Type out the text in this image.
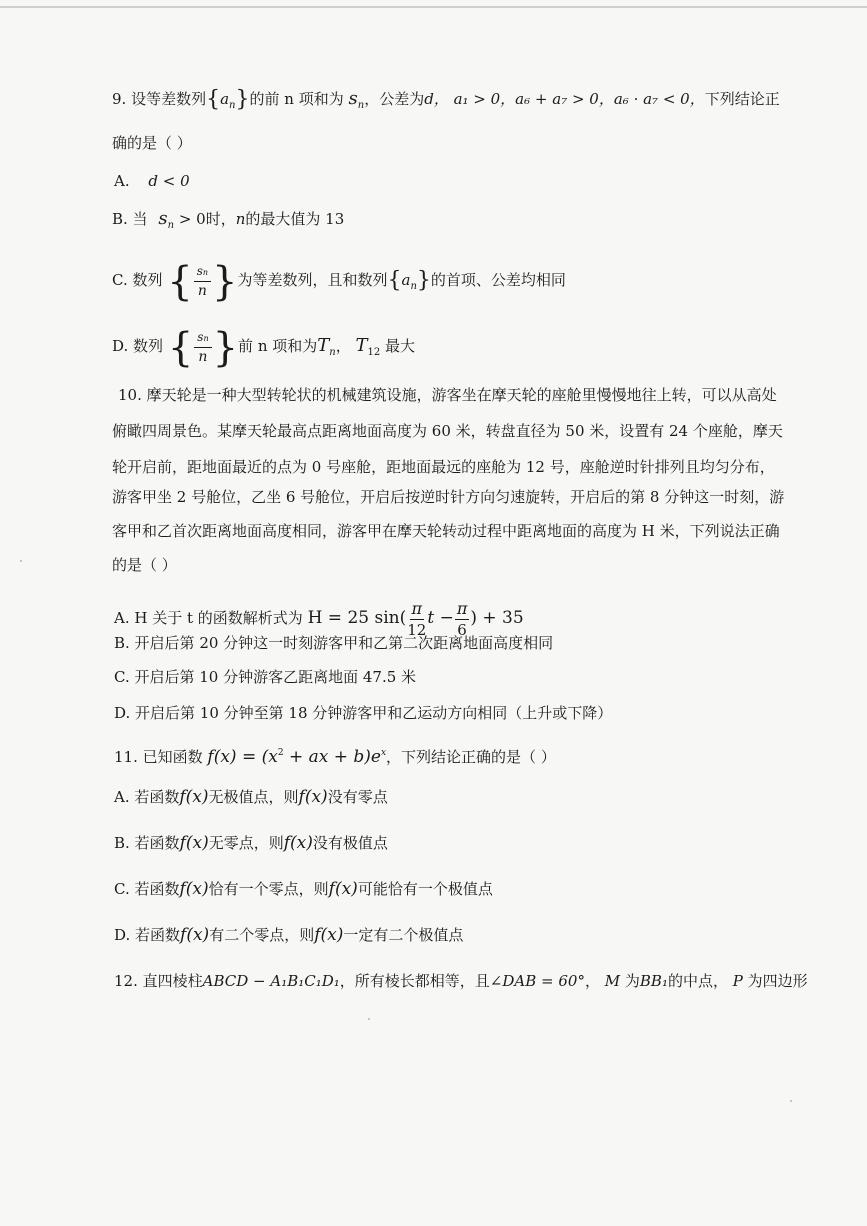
9. 设等差数列$\{a_n\}$的前 n 项和为 $s_n$，公差为d， a₁ > 0，a₆ + a₇ > 0，a₆ · a₇ < 0，下列结论正
确的是（ ）
A. d < 0
B. 当 $s_n > 0$时，n的最大值为 13
C. 数列 { $\frac{sn}{n}$ }为等差数列，且和数列$\{a_n\}$的首项、公差均相同
D. 数列 { $\frac{sn}{n}$ }前 n 项和为$T_n$， $T_{12}$ 最大
10. 摩天轮是一种大型转轮状的机械建筑设施，游客坐在摩天轮的座舱里慢慢地往上转，可以从高处
俯瞰四周景色。某摩天轮最高点距离地面高度为 60 米，转盘直径为 50 米，设置有 24 个座舱，摩天
轮开启前，距地面最近的点为 0 号座舱，距地面最远的座舱为 12 号，座舱逆时针排列且均匀分布，
游客甲坐 2 号舱位，乙坐 6 号舱位，开启后按逆时针方向匀速旋转，开启后的第 8 分钟这一时刻，游
客甲和乙首次距离地面高度相同，游客甲在摩天轮转动过程中距离地面的高度为 H 米，下列说法正确
的是（ ）
A. H 关于 t 的函数解析式为 H = 25 $\sin( \frac{\pi}{12}$ $t - \frac{\pi}{6}$ ) + 35
B. 开启后第 20 分钟这一时刻游客甲和乙第二次距离地面高度相同
C. 开启后第 10 分钟游客乙距离地面 47.5 米
D. 开启后第 10 分钟至第 18 分钟游客甲和乙运动方向相同（上升或下降）
11. 已知函数 $f(x) = (x^2$ + ax + $b)e^x$，下列结论正确的是（ ）
A. 若函数f(x)无极值点，则f(x)没有零点
B. 若函数f(x)无零点，则f(x)没有极值点
C. 若函数f(x)恰有一个零点，则f(x)可能恰有一个极值点
D. 若函数f(x)有二个零点，则f(x)一定有二个极值点
12. 直四棱柱ABCD − A₁B₁C₁D₁，所有棱长都相等，且∠DAB = 60°， M 为BB₁的中点， P 为四边形
